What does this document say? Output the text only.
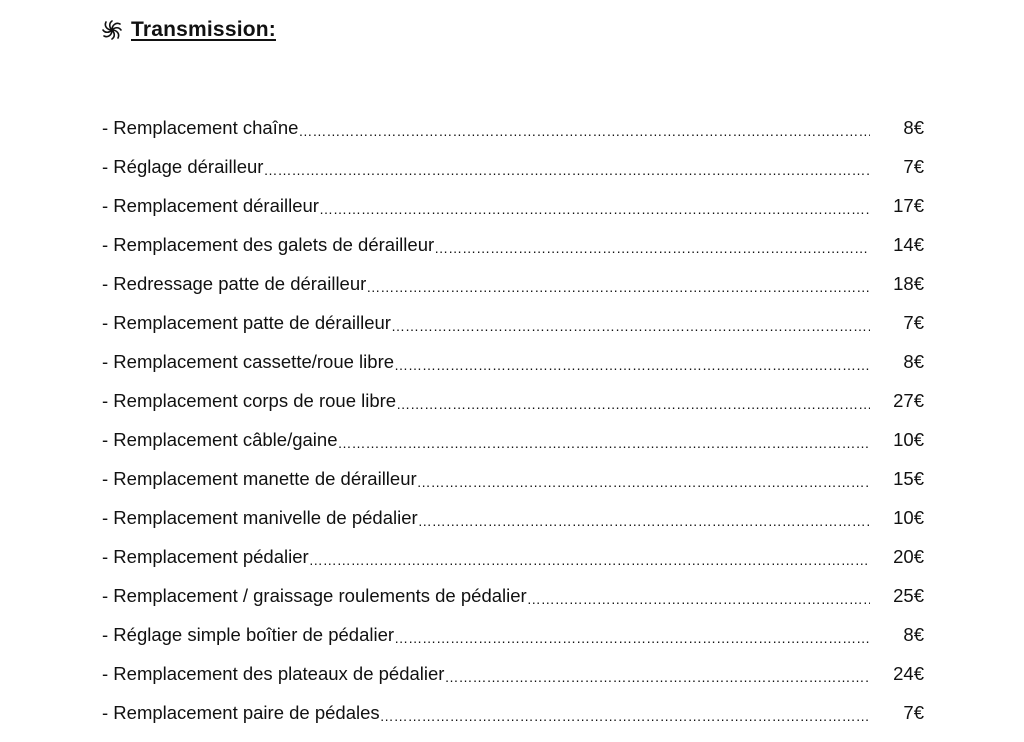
Transmission:
- Remplacement chaîne ……………………………………………………………………………………………………………………………………………………………………………………………………………………	8€
- Réglage dérailleur ……………………………………………………………………………………………………………………………………………………………………………………………………………………	7€
- Remplacement dérailleur ……………………………………………………………………………………………………………………………………………………………………………………………………………………	17€
- Remplacement des galets de dérailleur ……………………………………………………………………………………………………………………………………………………………………………………………………………………	14€
- Redressage patte de dérailleur ……………………………………………………………………………………………………………………………………………………………………………………………………………………	18€
- Remplacement patte de dérailleur ……………………………………………………………………………………………………………………………………………………………………………………………………………………	7€
- Remplacement cassette/roue libre ……………………………………………………………………………………………………………………………………………………………………………………………………………………	8€
- Remplacement corps de roue libre ……………………………………………………………………………………………………………………………………………………………………………………………………………………	27€
- Remplacement câble/gaine ……………………………………………………………………………………………………………………………………………………………………………………………………………………	10€
- Remplacement manette de dérailleur ……………………………………………………………………………………………………………………………………………………………………………………………………………………	15€
- Remplacement manivelle de pédalier ……………………………………………………………………………………………………………………………………………………………………………………………………………………	10€
- Remplacement pédalier ……………………………………………………………………………………………………………………………………………………………………………………………………………………	20€
- Remplacement / graissage roulements de pédalier ……………………………………………………………………………………………………………………………………………………………………………………………………………………	25€
- Réglage simple boîtier de pédalier ……………………………………………………………………………………………………………………………………………………………………………………………………………………	8€
- Remplacement des plateaux de pédalier ……………………………………………………………………………………………………………………………………………………………………………………………………………………	24€
- Remplacement paire de pédales ……………………………………………………………………………………………………………………………………………………………………………………………………………………	7€
